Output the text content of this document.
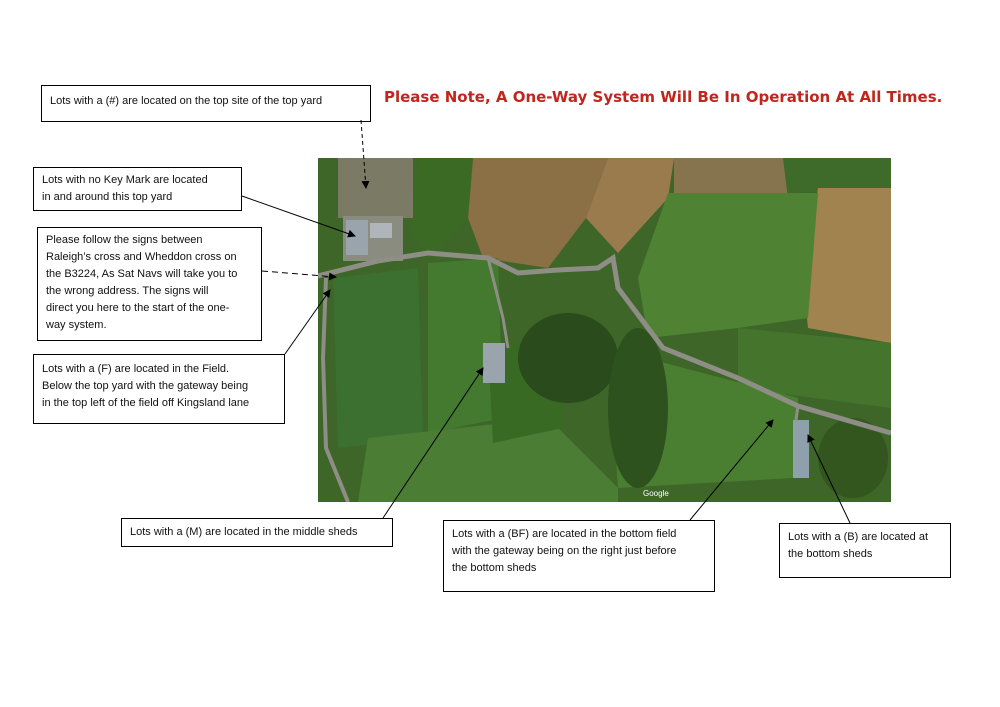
Please Note, A One-Way System Will Be In Operation At All Times.
Lots with a (#) are located on the top site of the top yard
Lots with no Key Mark are located
in and around this top yard
Please follow the signs between
Raleigh’s cross and Wheddon cross on
the B3224, As Sat Navs will take you to
the wrong address. The signs will
direct you here to the start of the one-
way system.
Lots with a (F) are located in the Field.
Below the top yard with the gateway being
in the top left of the field off Kingsland lane
Lots with a (M) are located in the middle sheds	Lots with a (BF) are located in the bottom field
with the gateway being on the right just before
the bottom sheds
Lots with a (B) are located at
the bottom sheds
Google
